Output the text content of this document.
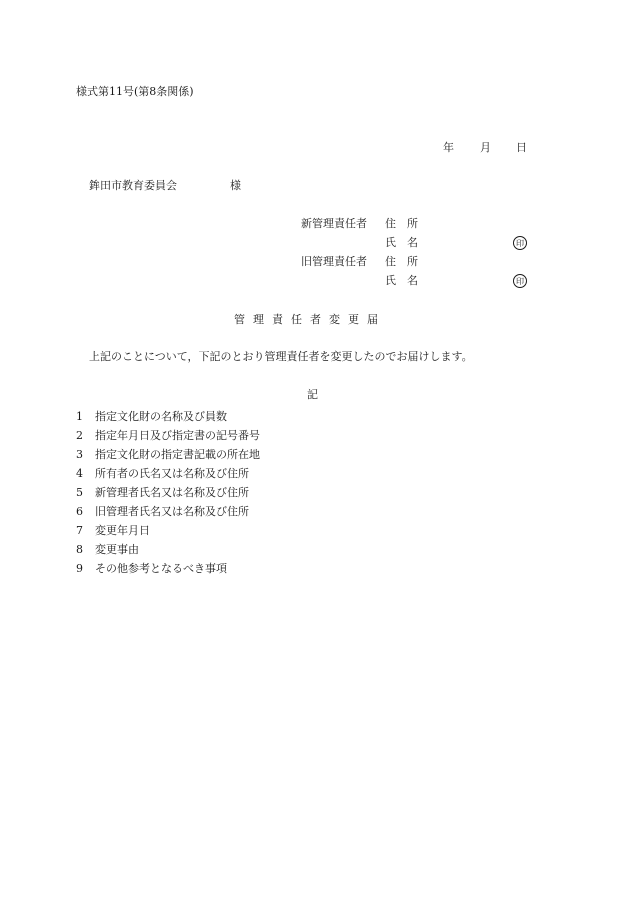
様式第11号(第8条関係)
年 月 日
鉾田市教育委員会	様
新管理責任者 住　所
氏　名	印
旧管理責任者 住　所
氏　名	印
管理責任者変更届
上記のことについて，下記のとおり管理責任者を変更したのでお届けします。
記
1 指定文化財の名称及び員数
2 指定年月日及び指定書の記号番号
3 指定文化財の指定書記載の所在地
4 所有者の氏名又は名称及び住所
5 新管理者氏名又は名称及び住所
6 旧管理者氏名又は名称及び住所
7 変更年月日
8 変更事由
9 その他参考となるべき事項
